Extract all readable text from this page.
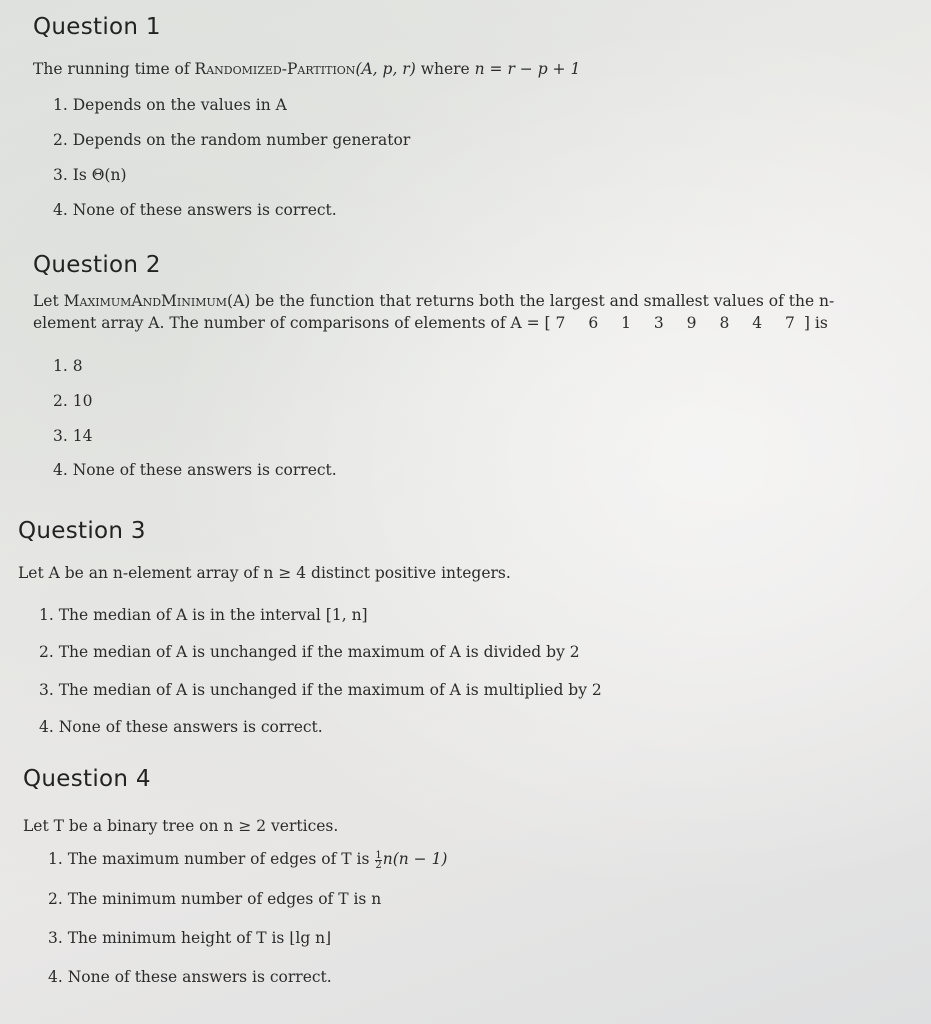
Question 1
The running time of Randomized-Partition(A, p, r) where n = r − p + 1
1. Depends on the values in A
2. Depends on the random number generator
3. Is Θ(n)
4. None of these answers is correct.
Question 2
Let MaximumAndMinimum(A) be the function that returns both the largest and smallest values of the n-
element array A. The number of comparisons of elements of A = [ 7 6 1 3 9 8 4 7] is
1. 8
2. 10
3. 14
4. None of these answers is correct.
Question 3
Let A be an n-element array of n ≥ 4 distinct positive integers.
1. The median of A is in the interval [1, n]
2. The median of A is unchanged if the maximum of A is divided by 2
3. The median of A is unchanged if the maximum of A is multiplied by 2
4. None of these answers is correct.
Question 4
Let T be a binary tree on n ≥ 2 vertices.
1. The maximum number of edges of T is $\frac{1}{2} n(n - 1)$
2. The minimum number of edges of T is n
3. The minimum height of T is ⌊lg n⌋
4. None of these answers is correct.
